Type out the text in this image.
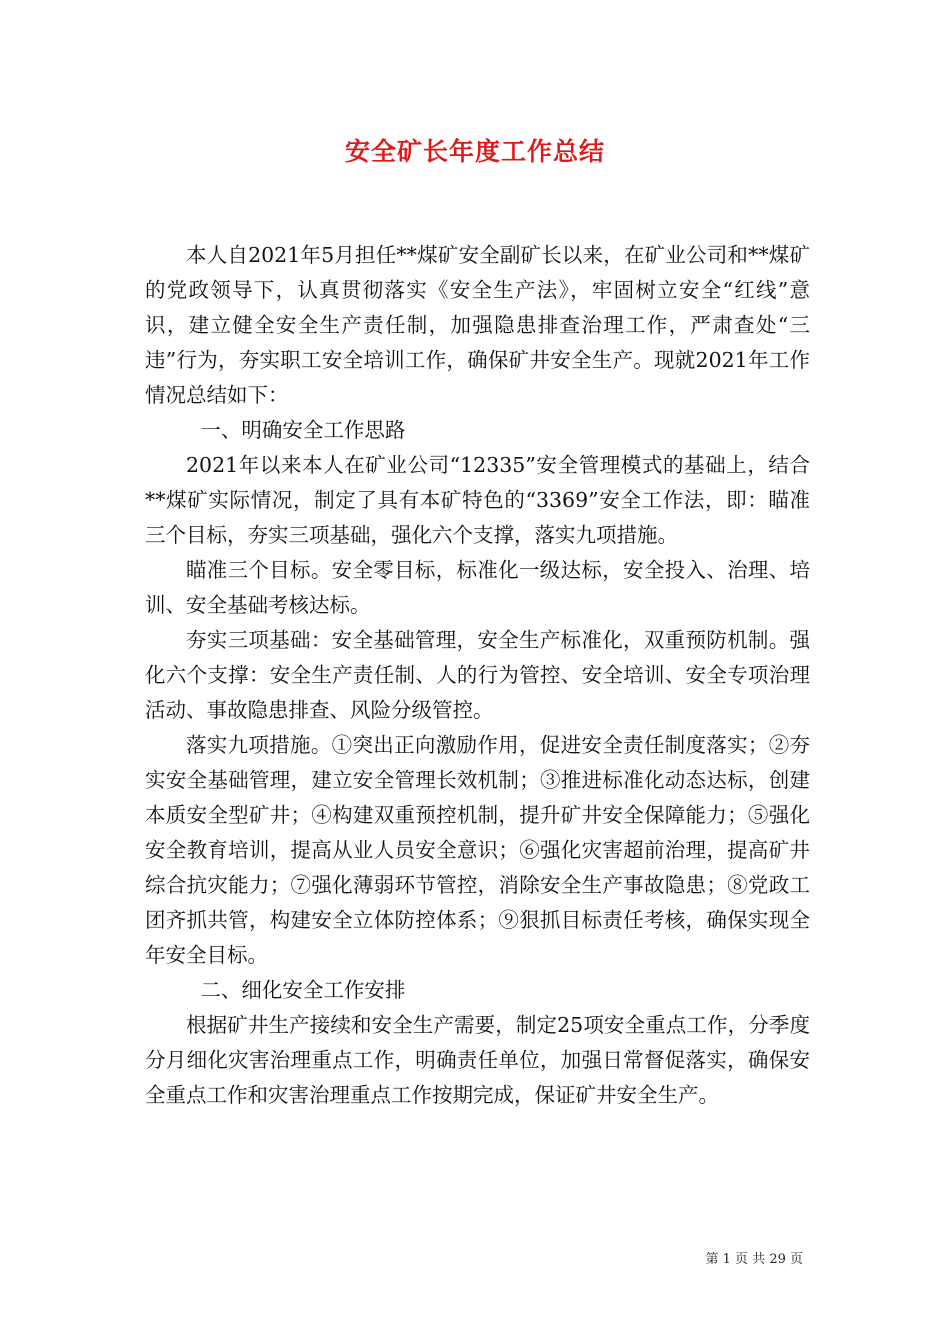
安全矿长年度工作总结

本人自2021年5月担任**煤矿安全副矿长以来，在矿业公司和**煤矿的党政领导下，认真贯彻落实《安全生产法》，牢固树立安全“红线”意识，建立健全安全生产责任制，加强隐患排查治理工作，严肃查处“三违”行为，夯实职工安全培训工作，确保矿井安全生产。现就2021年工作情况总结如下：

一、明确安全工作思路

2021年以来本人在矿业公司“12335”安全管理模式的基础上，结合**煤矿实际情况，制定了具有本矿特色的“3369”安全工作法，即：瞄准三个目标，夯实三项基础，强化六个支撑，落实九项措施。

瞄准三个目标。安全零目标，标准化一级达标，安全投入、治理、培训、安全基础考核达标。

夯实三项基础：安全基础管理，安全生产标准化，双重预防机制。强化六个支撑：安全生产责任制、人的行为管控、安全培训、安全专项治理活动、事故隐患排查、风险分级管控。

落实九项措施。①突出正向激励作用，促进安全责任制度落实；②夯实安全基础管理，建立安全管理长效机制；③推进标准化动态达标，创建本质安全型矿井；④构建双重预控机制，提升矿井安全保障能力；⑤强化安全教育培训，提高从业人员安全意识；⑥强化灾害超前治理，提高矿井综合抗灾能力；⑦强化薄弱环节管控，消除安全生产事故隐患；⑧党政工团齐抓共管，构建安全立体防控体系；⑨狠抓目标责任考核，确保实现全年安全目标。

二、细化安全工作安排

根据矿井生产接续和安全生产需要，制定25项安全重点工作，分季度分月细化灾害治理重点工作，明确责任单位，加强日常督促落实，确保安全重点工作和灾害治理重点工作按期完成，保证矿井安全生产。

第 1 页 共 29 页
